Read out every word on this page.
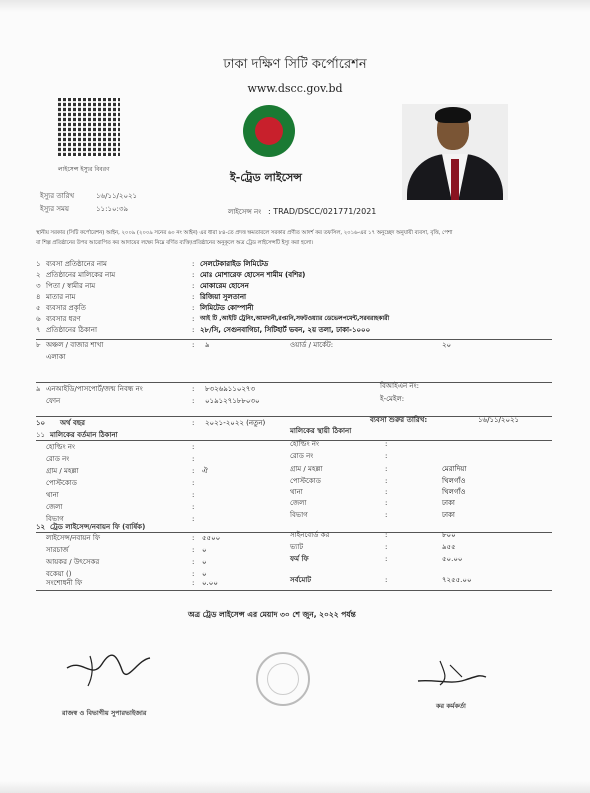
ঢাকা দক্ষিণ সিটি কর্পোরেশন
www.dscc.gov.bd
লাইসেন্স ইস্যুর বিবরণ
ই-ট্রেড লাইসেন্স
ইস্যুর তারিখ	১৬/১১/২০২১
ইস্যুর সময়	১১:১০:৩৯	লাইসেন্স নং : TRAD/DSCC/021771/2021
স্থানীয় সরকার (সিটি কর্পোরেশন) আইন, ২০০৯ (২০০৯ সনের ৬০ নং আইন) এর ধারা ৮৪-তে প্রদত্ত ক্ষমতাবলে সরকার প্রণীত আদর্শ কর তফসিল, ২০১৬-এর ১৭ অনুচ্ছেদ অনুযায়ী ব্যবসা, বৃত্তি, পেশা
বা শিল্প প্রতিষ্ঠানের উপর আরোপিত কর আদায়ের লক্ষ্যে নিম্নে বর্ণিত ব্যক্তি/প্রতিষ্ঠানের অনুকূলে অত্র ট্রেড লাইসেন্সটি ইস্যু করা হলো।
১ ব্যবসা প্রতিষ্ঠানের নাম	: সেলটেকারাইড লিমিটেড
২ প্রতিষ্ঠানের মালিকের নাম	: মোঃ মোশারেফ হোসেন শামীম (বশির)
৩ পিতা / স্বামীর নাম	: মোকারেম হোসেন
৪ মাতার নাম	: রিজিয়া সুলতানা
৫ ব্যবসার প্রকৃতি	: লিমিটেড কোম্পানী
৬ ব্যবসার ধরণ	: আই টি ,আইটি ট্রেনিং,আমদানী,রপ্তানি,সফটওয়্যার ডেভেলপমেন্ট,সরবরাহকারী
৭ প্রতিষ্ঠানের ঠিকানা	: ২৮/সি, সেগুনবাগিচা, সিটিহার্ট ভবন, ২য় তলা, ঢাকা-১০০০
৮ অঞ্চল / বাজার শাখা	: ৯	ওয়ার্ড / মার্কেট:	২০
এলাকা
৯ এনআইডি/পাসপোর্ট/জন্ম নিবন্ধ নং	: ৮৩২৬৯১১০২৭৩	বিআইএন নং:
ফোন	: ০১৯১২৭১৮৮০৩০	ই-মেইল:
১০ অর্থ বছর	: ২০২১-২০২২ (নতুন)	ব্যবসা শুরুর তারিখ:	১৬/১১/২০২১
১১ মালিকের বর্তমান ঠিকানা	মালিকের স্থায়ী ঠিকানা
হোল্ডিং নং	:	হোল্ডিং নং	:
রোড নং	:	রোড নং	:
গ্রাম / মহল্লা	: ঐ	গ্রাম / মহল্লা	:	মেরাদিয়া
পোস্টকোড	:	পোস্টকোড	:	খিলগাঁও
থানা	:	থানা	:	খিলগাঁও
জেলা	:	জেলা	:	ঢাকা
বিভাগ	:	বিভাগ	:	ঢাকা
১২ ট্রেড লাইসেন্স/নবায়ন ফি (বার্ষিক)
লাইসেন্স/নবায়ন ফি	: ৫৫০০	সাইনবোর্ড কর	:	৮০০
সারচার্জ	: ০	ভ্যাট	:	৯৫৫
আয়কর / উৎসেকর	: ০	ফর্ম ফি	:	৫০.০০
বকেয়া ()	: ০
সংশোধনী ফি	: ০.০০	সর্বমোট	:	৭২৫৫.০০
অত্র ট্রেড লাইসেন্স এর মেয়াদ ৩০ শে জুন, ২০২২ পর্যন্ত
রাজস্ব ও বিভাগীয় সুপারভাইজার
কর কর্মকর্তা
